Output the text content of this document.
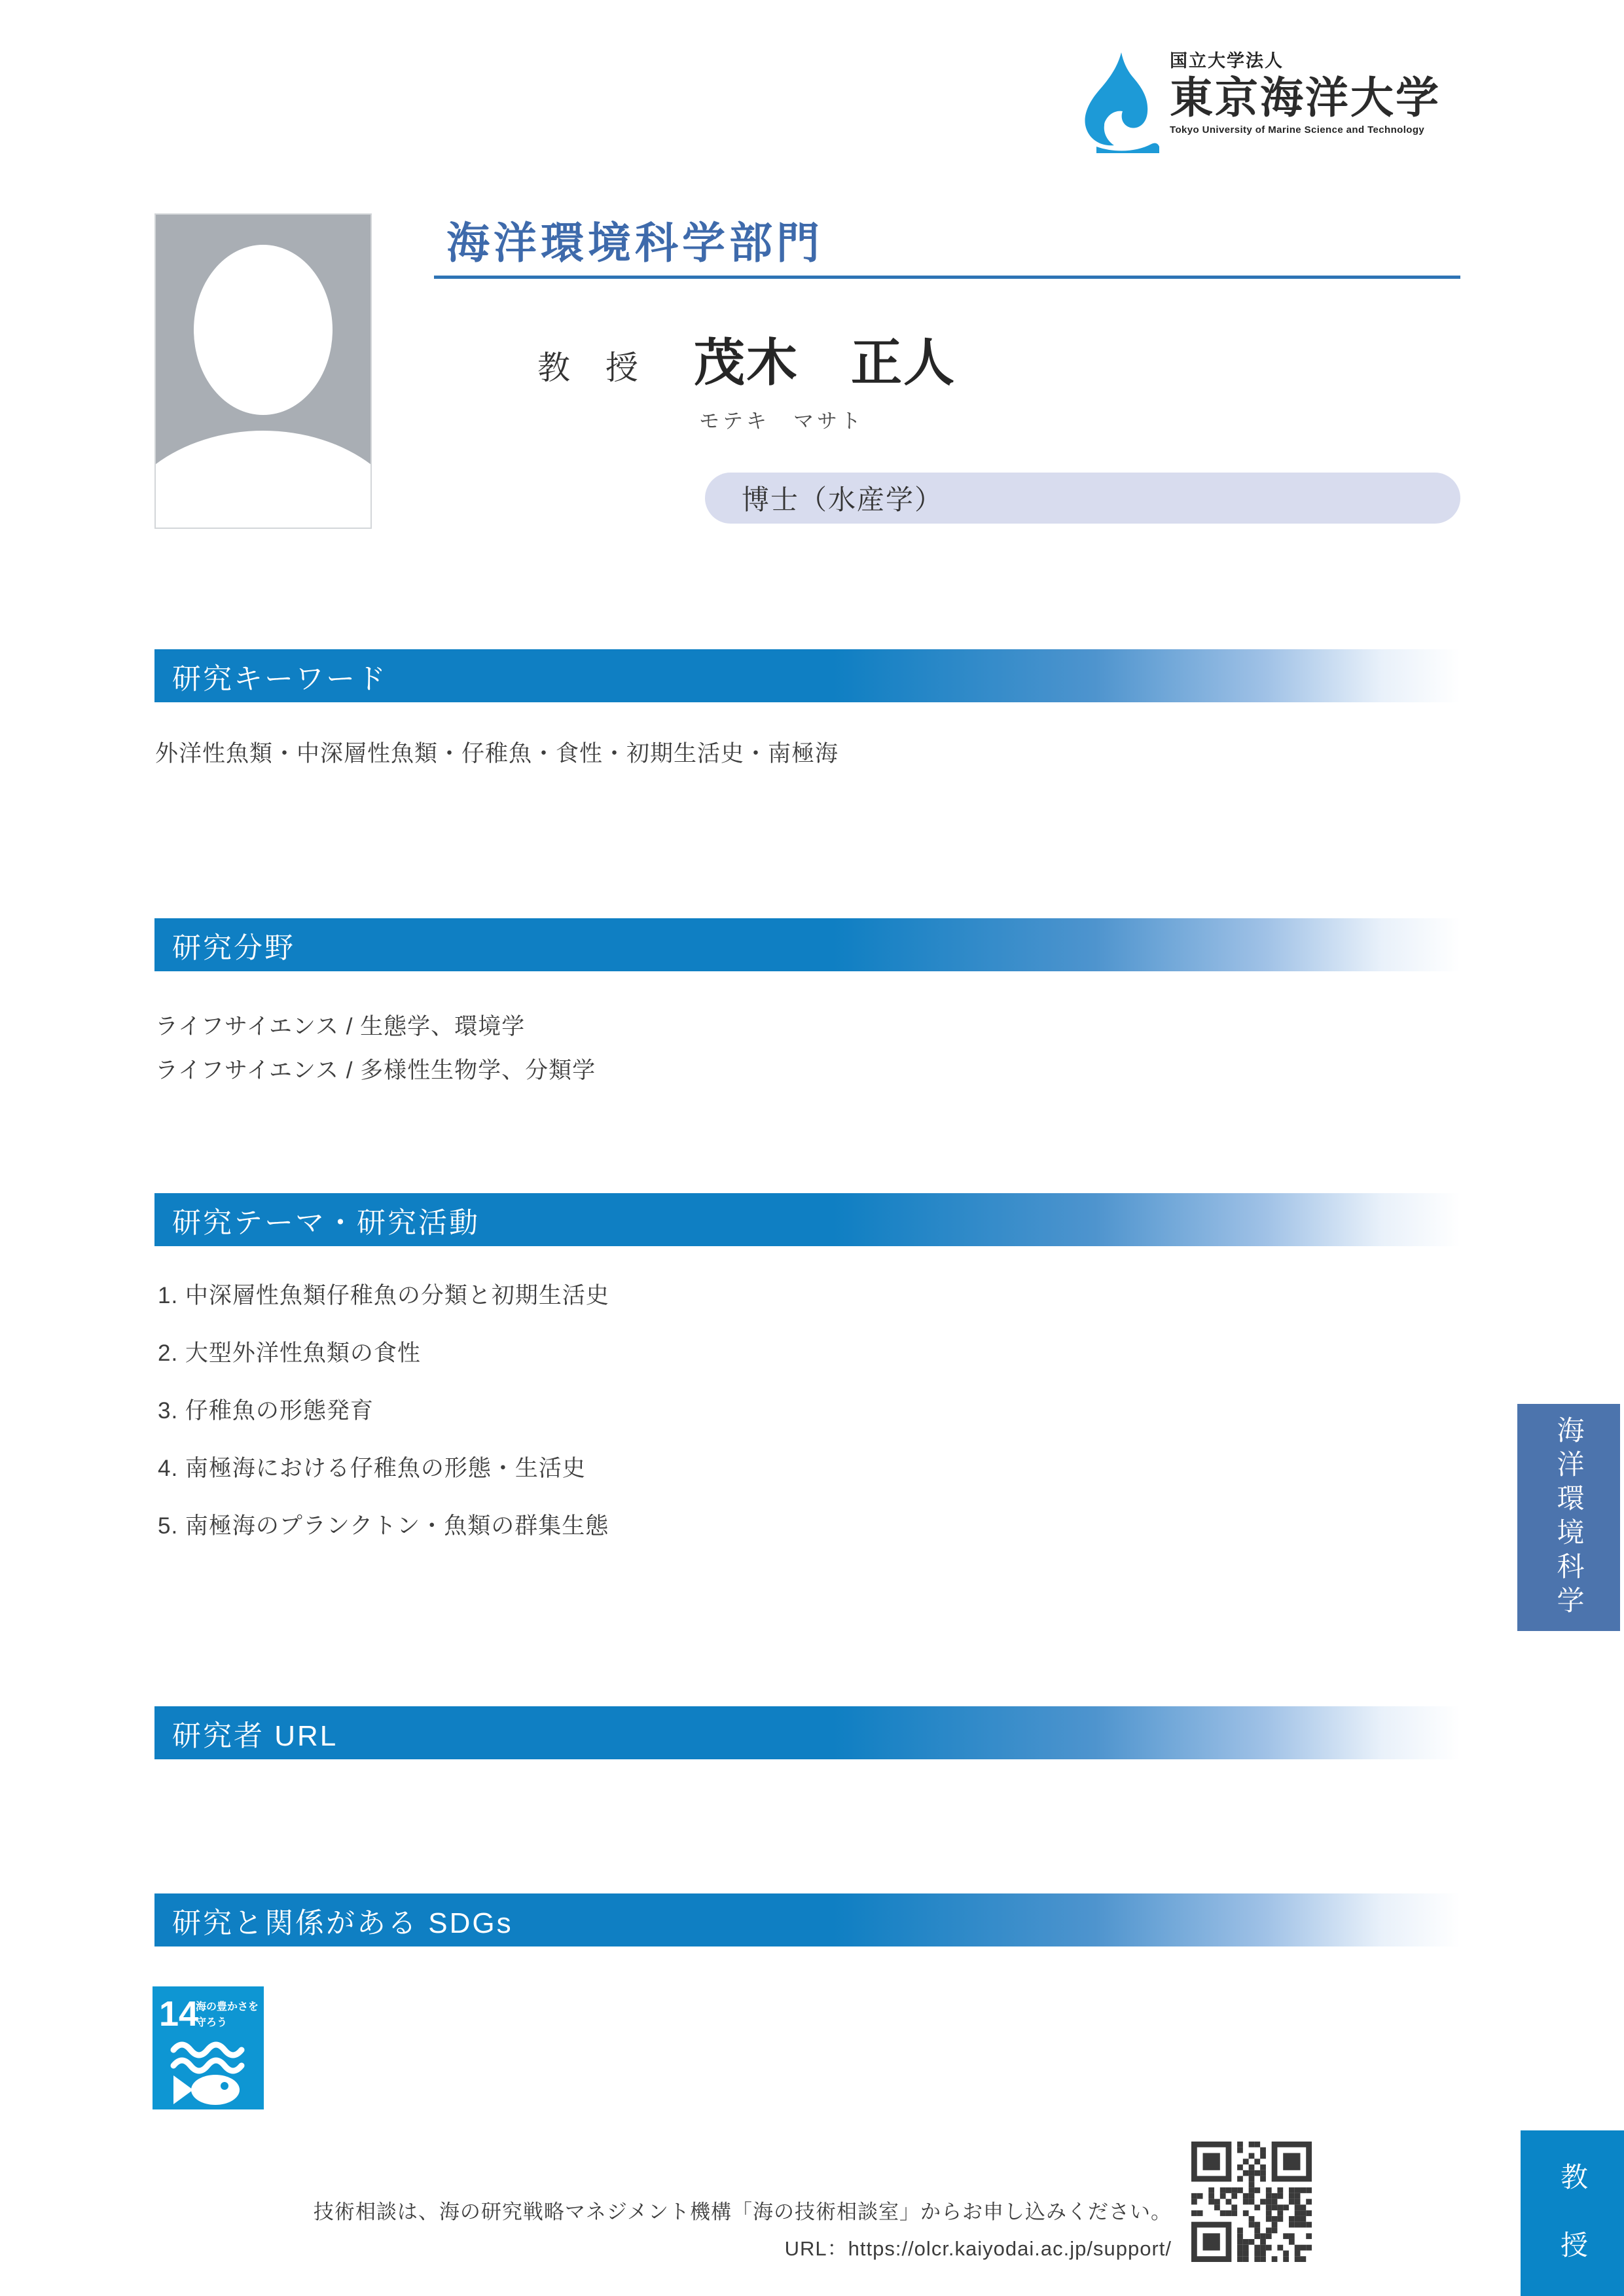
国立大学法人
東京海洋大学
Tokyo University of Marine Science and Technology
海洋環境科学部門
教　授 茂木　正人
モテキ　マサト
博士（水産学）
研究キーワード
外洋性魚類・中深層性魚類・仔稚魚・食性・初期生活史・南極海
研究分野
ライフサイエンス / 生態学、環境学
ライフサイエンス / 多様性生物学、分類学
研究テーマ・研究活動
1. 中深層性魚類仔稚魚の分類と初期生活史
2. 大型外洋性魚類の食性
3. 仔稚魚の形態発育
4. 南極海における仔稚魚の形態・生活史
5. 南極海のプランクトン・魚類の群集生態
研究者 URL
研究と関係がある SDGs
14
海の豊かさを
守ろう
海洋環境科学
教　授
技術相談は、海の研究戦略マネジメント機構「海の技術相談室」からお申し込みください。
URL：https://olcr.kaiyodai.ac.jp/support/
